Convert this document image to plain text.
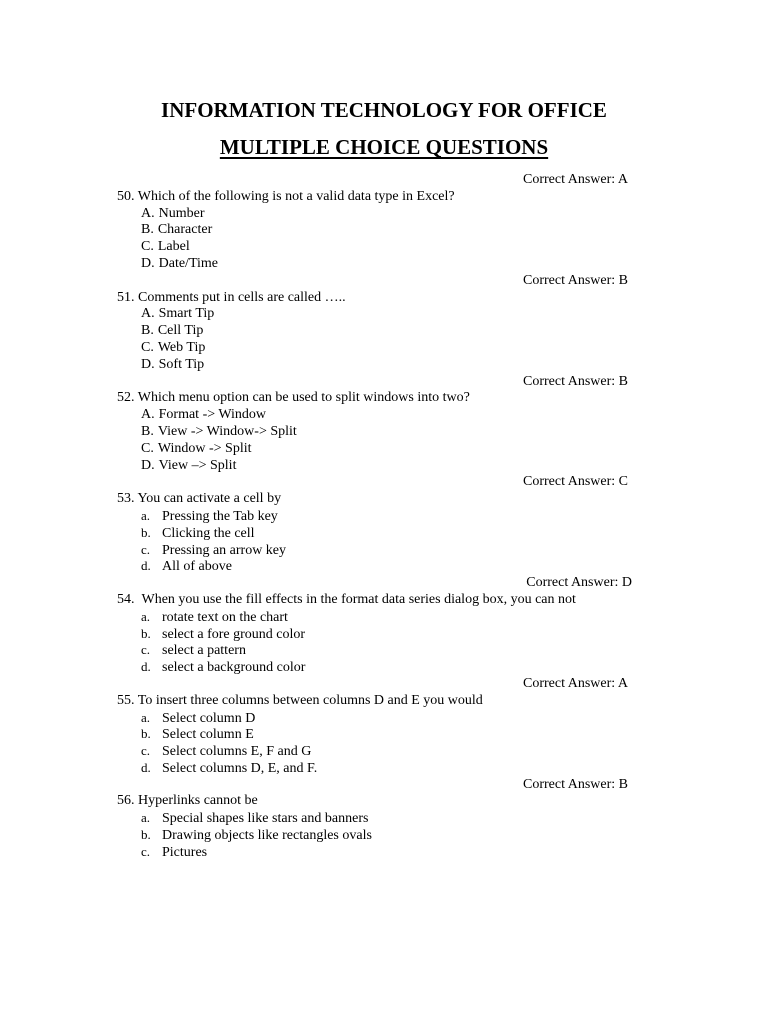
INFORMATION TECHNOLOGY FOR OFFICE
MULTIPLE CHOICE QUESTIONS
Correct Answer: A
50. Which of the following is not a valid data type in Excel?
A. Number
B. Character
C. Label
D. Date/Time
Correct Answer: B
51. Comments put in cells are called …..
A. Smart Tip
B. Cell Tip
C. Web Tip
D. Soft Tip
Correct Answer: B
52. Which menu option can be used to split windows into two?
A. Format -> Window
B. View -> Window-> Split
C. Window -> Split
D. View –> Split
Correct Answer: C
53. You can activate a cell by
a. Pressing the Tab key
b. Clicking the cell
c. Pressing an arrow key
d. All of above
Correct Answer: D
54. When you use the fill effects in the format data series dialog box, you can not
a. rotate text on the chart
b. select a fore ground color
c. select a pattern
d. select a background color
Correct Answer: A
55. To insert three columns between columns D and E you would
a. Select column D
b. Select column E
c. Select columns E, F and G
d. Select columns D, E, and F.
Correct Answer: B
56. Hyperlinks cannot be
a. Special shapes like stars and banners
b. Drawing objects like rectangles ovals
c. Pictures
